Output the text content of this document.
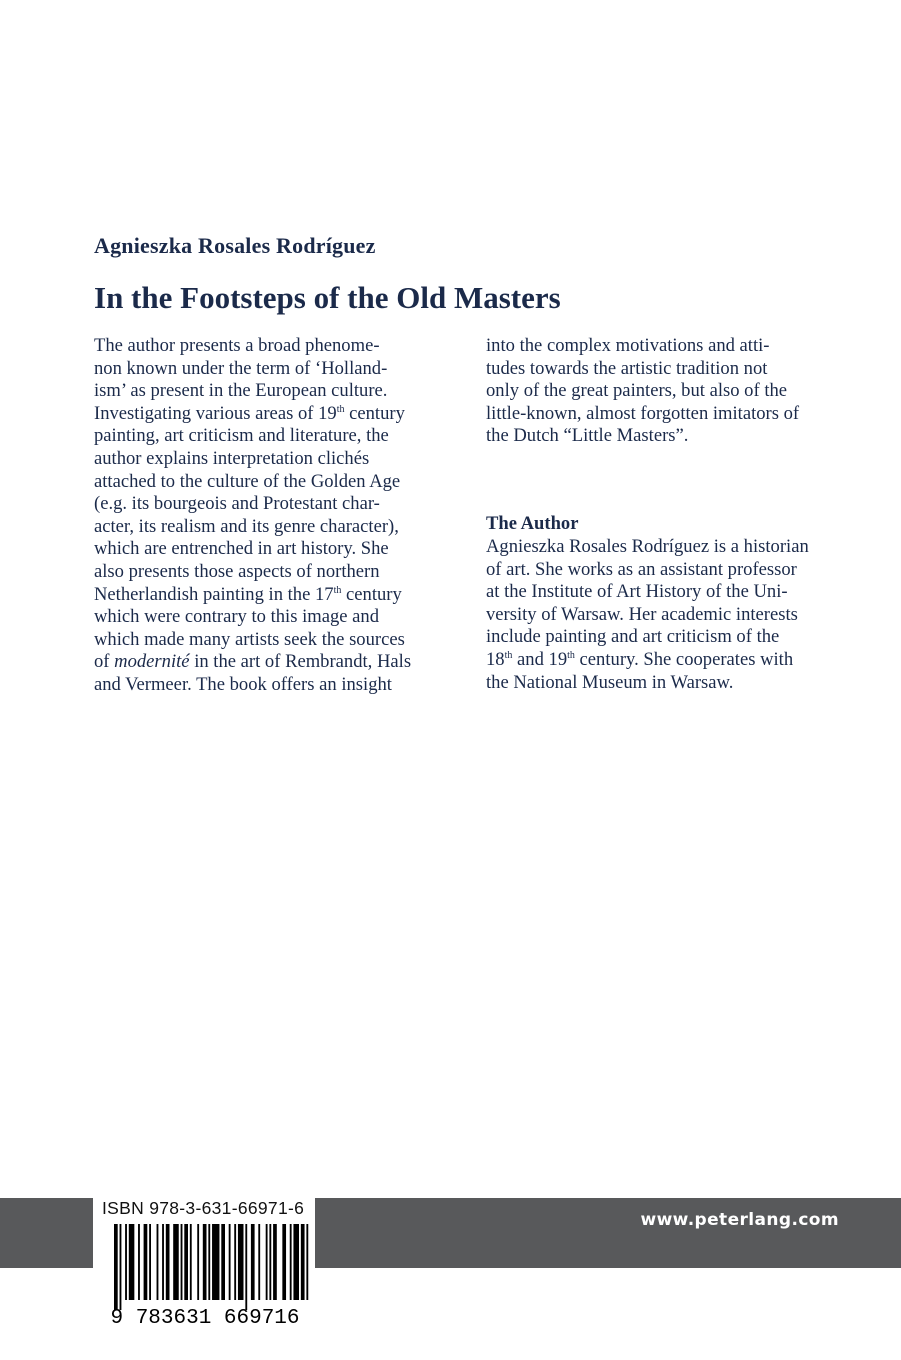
Agnieszka Rosales Rodríguez
In the Footsteps of the Old Masters
The author presents a broad phenome-
non known under the term of ‘Holland-
ism’ as present in the European culture.
Investigating various areas of 19th century
painting, art criticism and literature, the
author explains interpretation clichés
attached to the culture of the Golden Age
(e.g. its bourgeois and Protestant char-
acter, its realism and its genre character),
which are entrenched in art history. She
also presents those aspects of northern
Netherlandish painting in the 17th century
which were contrary to this image and
which made many artists seek the sources
of modernité in the art of Rembrandt, Hals
and Vermeer. The book offers an insight
into the complex motivations and atti-
tudes towards the artistic tradition not
only of the great painters, but also of the
little-known, almost forgotten imitators of
the Dutch “Little Masters”.
The Author
Agnieszka Rosales Rodríguez is a historian
of art. She works as an assistant professor
at the Institute of Art History of the Uni-
versity of Warsaw. Her academic interests
include painting and art criticism of the
18th and 19th century. She cooperates with
the National Museum in Warsaw.
www.peterlang.com
ISBN 978-3-631-66971-6
9 783631 669716
